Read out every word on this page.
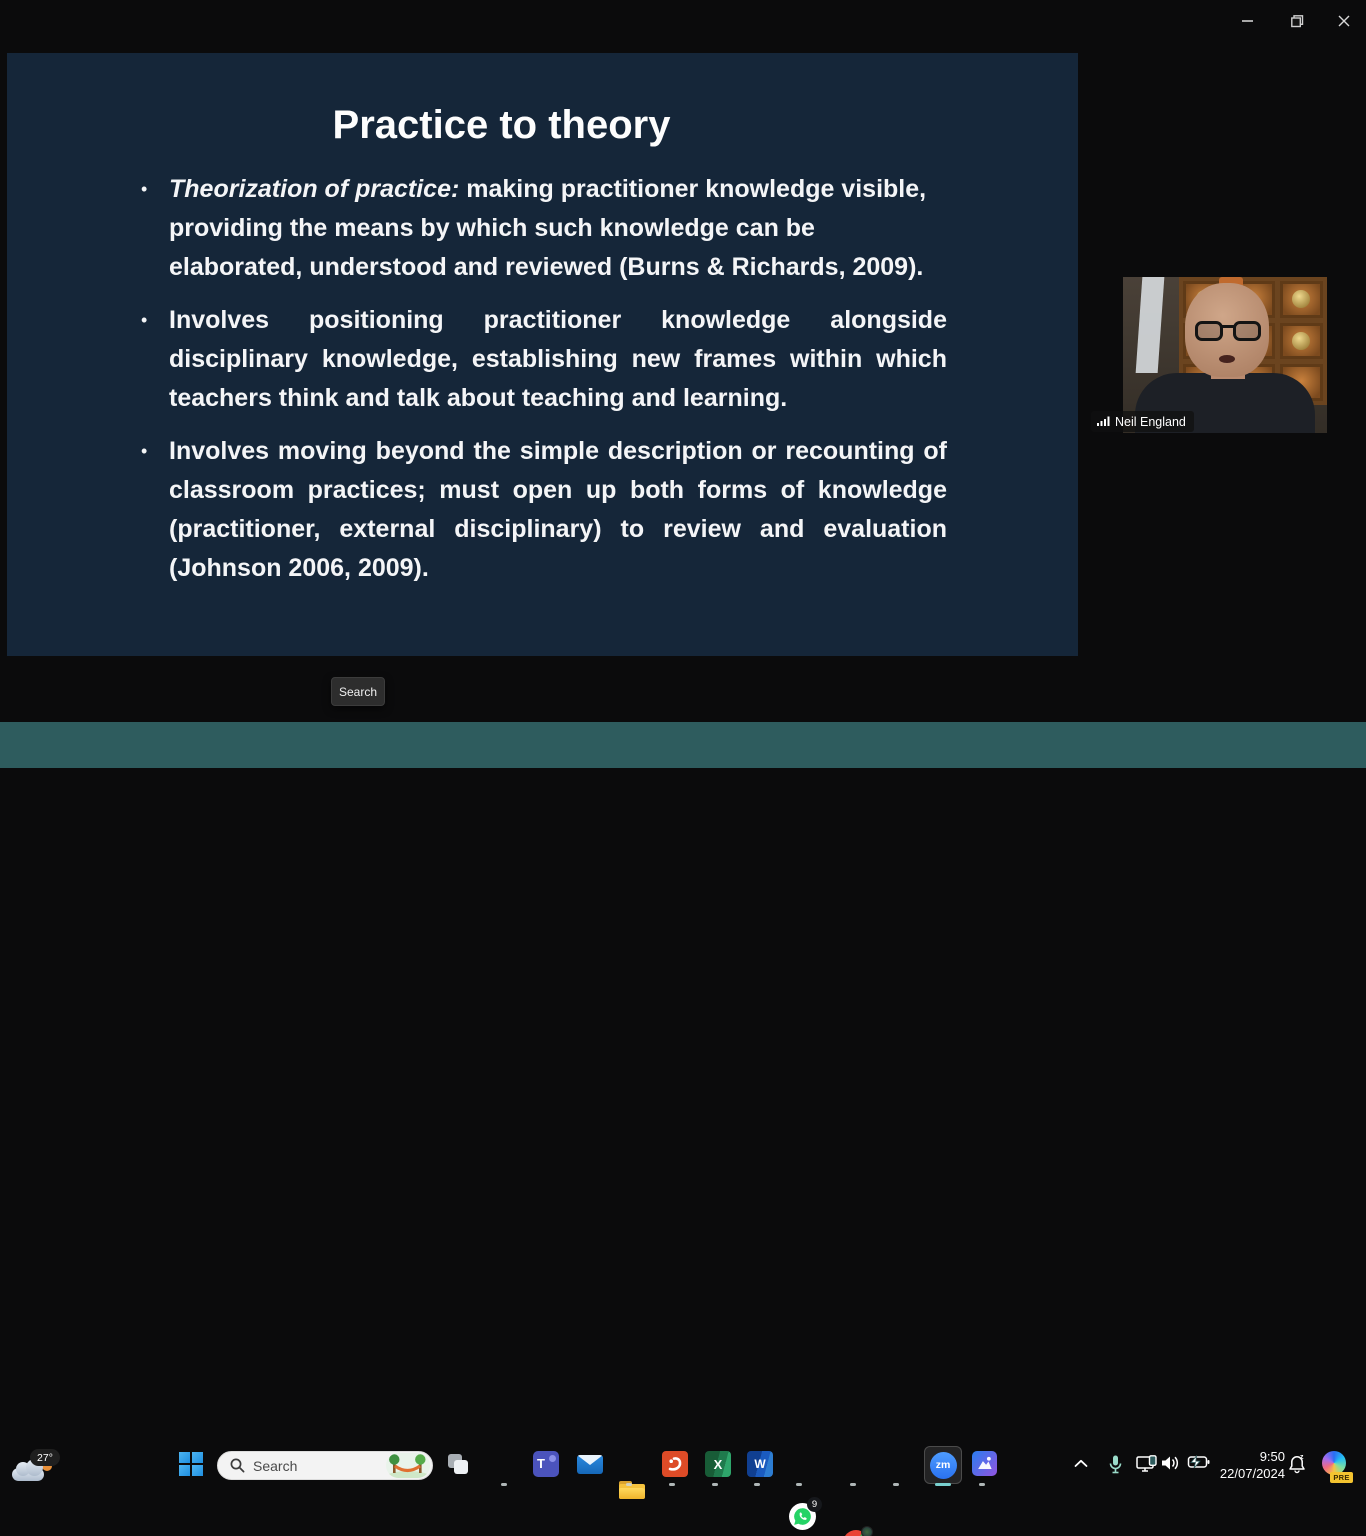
Practice to theory
• Theorization of practice: making practitioner knowledge visible, providing the means by which such knowledge can be elaborated, understood and reviewed (Burns & Richards, 2009).
• Involves positioning practitioner knowledge alongside disciplinary knowledge, establishing new frames within which teachers think and talk about teaching and learning.
• Involves moving beyond the simple description or recounting of classroom practices; must open up both forms of knowledge (practitioner, external disciplinary) to review and evaluation (Johnson 2006, 2009).
Search
Neil England
27°	Search	T	X	W
9
zm
9:50
22/07/2024
z
PRE
